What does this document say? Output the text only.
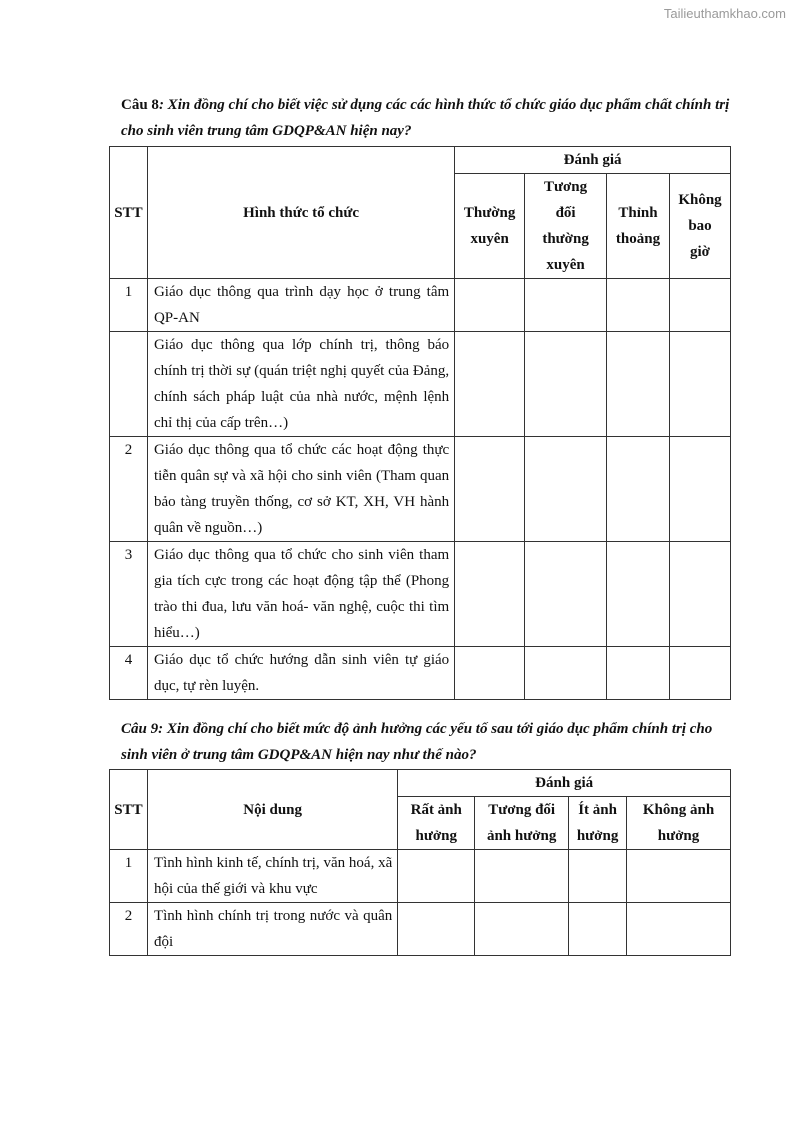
Tailieuthamkhao.com
Câu 8: Xin đồng chí cho biết việc sử dụng các các hình thức tổ chức giáo dục phẩm chất chính trị cho sinh viên trung tâm GDQP&AN hiện nay?
STT	Hình thức tổ chức	Đánh giá			
		Thường xuyên	Tương đối thường xuyên	Thỉnh thoảng	Không bao giờ
1	Giáo dục thông qua trình dạy học ở trung tâm QP-AN				
	Giáo dục thông qua lớp chính trị, thông báo chính trị thời sự (quán triệt nghị quyết của Đảng, chính sách pháp luật của nhà nước, mệnh lệnh chỉ thị của cấp trên…)				
2	Giáo dục thông qua tổ chức các hoạt động thực tiễn quân sự và xã hội cho sinh viên (Tham quan bảo tàng truyền thống, cơ sở KT, XH, VH hành quân về nguồn…)				
3	Giáo dục thông qua tổ chức cho sinh viên tham gia tích cực trong các hoạt động tập thể (Phong trào thi đua, lưu văn hoá- văn nghệ, cuộc thi tìm hiểu…)				
4	Giáo dục tổ chức hướng dẫn sinh viên tự giáo dục, tự rèn luyện.				
Câu 9: Xin đồng chí cho biết mức độ ảnh hưởng các yếu tố sau tới giáo dục phẩm chính trị cho sinh viên ở trung tâm GDQP&AN hiện nay như thế nào?
STT	Nội dung	Đánh giá			
		Rất ảnh hưởng	Tương đối ảnh hưởng	Ít ảnh hưởng	Không ảnh hưởng
1	Tình hình kinh tế, chính trị, văn hoá, xã hội của thế giới và khu vực				
2	Tình hình chính trị trong nước và quân đội				
